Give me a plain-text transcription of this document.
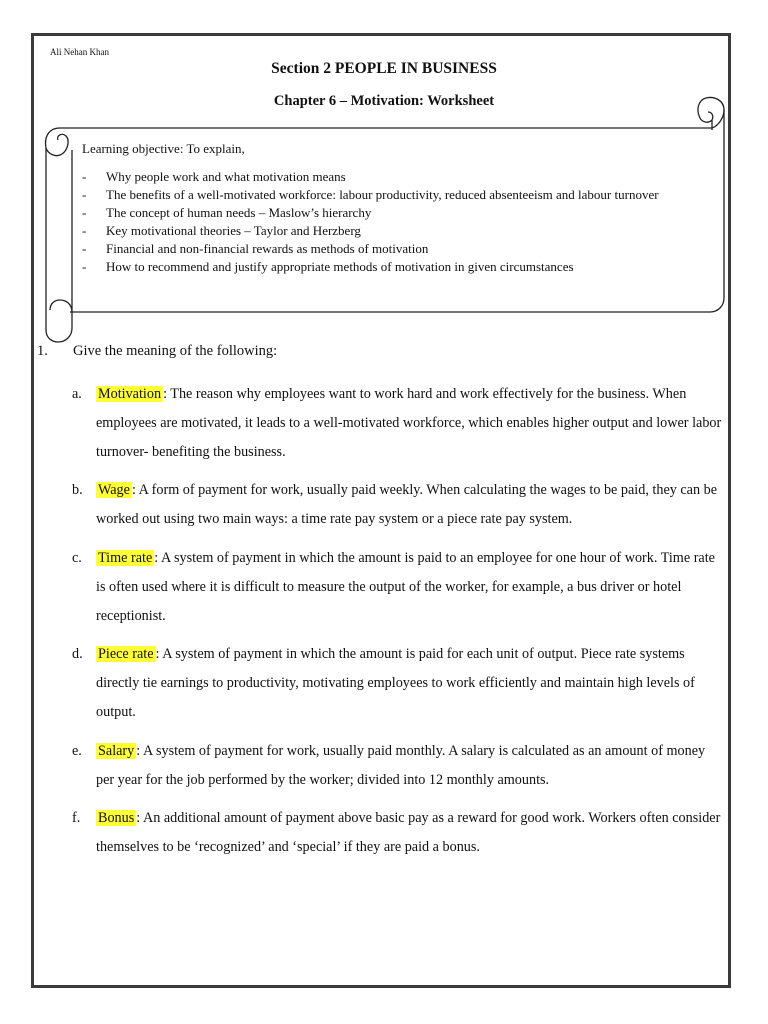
Ali Nehan Khan
Section 2 PEOPLE IN BUSINESS
Chapter 6 – Motivation: Worksheet
Learning objective: To explain,
- Why people work and what motivation means
- The benefits of a well-motivated workforce: labour productivity, reduced absenteeism and labour turnover
- The concept of human needs – Maslow’s hierarchy
- Key motivational theories – Taylor and Herzberg
- Financial and non-financial rewards as methods of motivation
- How to recommend and justify appropriate methods of motivation in given circumstances
1. Give the meaning of the following:
a. Motivation : The reason why employees want to work hard and work effectively for the business. When employees are motivated, it leads to a well-motivated workforce, which enables higher output and lower labor turnover- benefiting the business.
b. Wage : A form of payment for work, usually paid weekly. When calculating the wages to be paid, they can be worked out using two main ways: a time rate pay system or a piece rate pay system.
c. Time rate : A system of payment in which the amount is paid to an employee for one hour of work. Time rate is often used where it is difficult to measure the output of the worker, for example, a bus driver or hotel receptionist.
d. Piece rate : A system of payment in which the amount is paid for each unit of output. Piece rate systems directly tie earnings to productivity, motivating employees to work efficiently and maintain high levels of output.
e. Salary : A system of payment for work, usually paid monthly. A salary is calculated as an amount of money per year for the job performed by the worker; divided into 12 monthly amounts.
f. Bonus : An additional amount of payment above basic pay as a reward for good work. Workers often consider themselves to be ‘recognized’ and ‘special’ if they are paid a bonus.
